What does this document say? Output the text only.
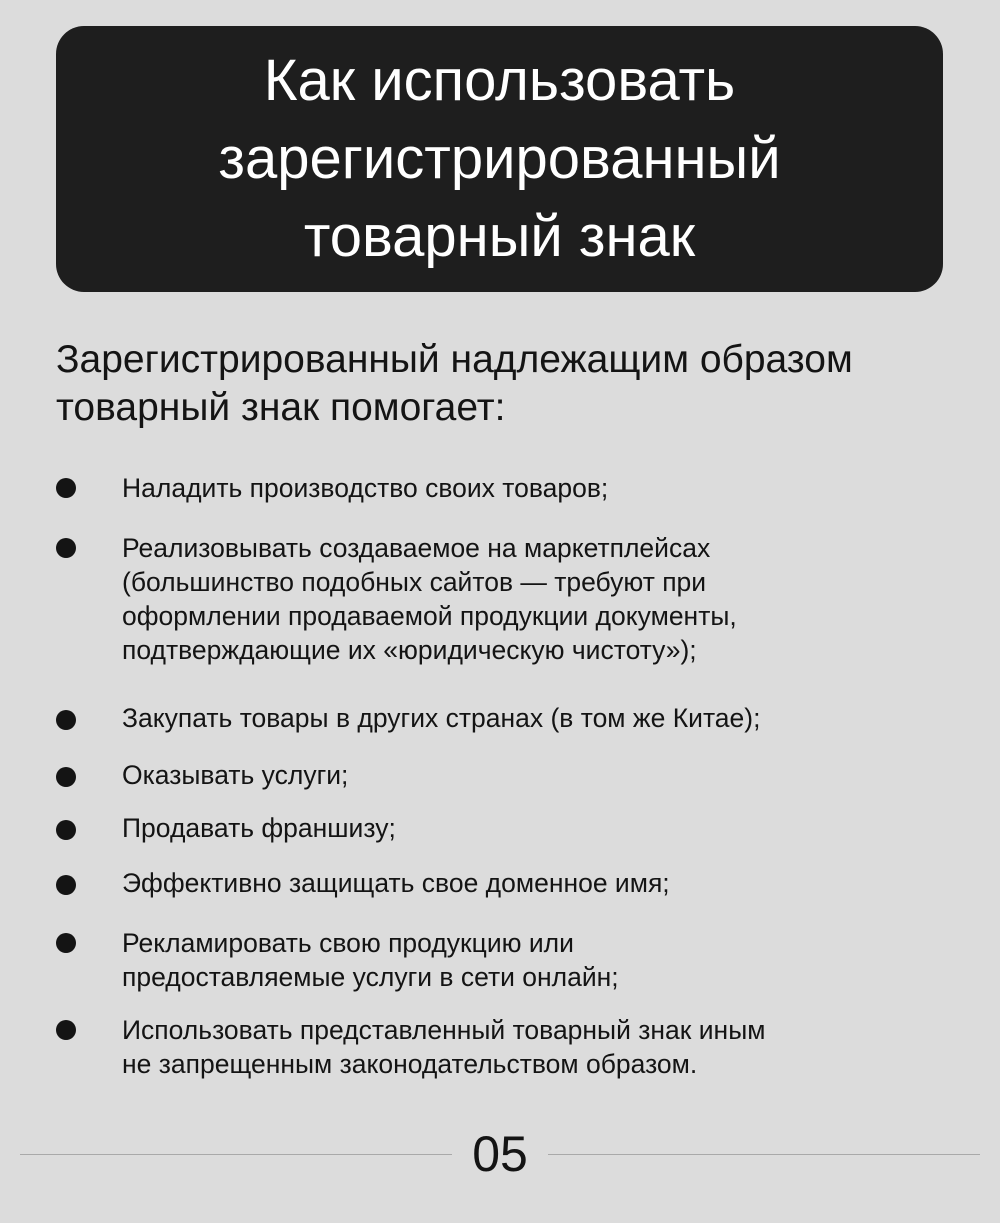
Как использовать
зарегистрированный
товарный знак

Зарегистрированный надлежащим образом
товарный знак помогает:

Наладить производство своих товаров;
Реализовывать создаваемое на маркетплейсах
(большинство подобных сайтов — требуют при
оформлении продаваемой продукции документы,
подтверждающие их «юридическую чистоту»);
Закупать товары в других странах (в том же Китае);
Оказывать услуги;
Продавать франшизу;
Эффективно защищать свое доменное имя;
Рекламировать свою продукцию или
предоставляемые услуги в сети онлайн;
Использовать представленный товарный знак иным
не запрещенным законодательством образом.
05
